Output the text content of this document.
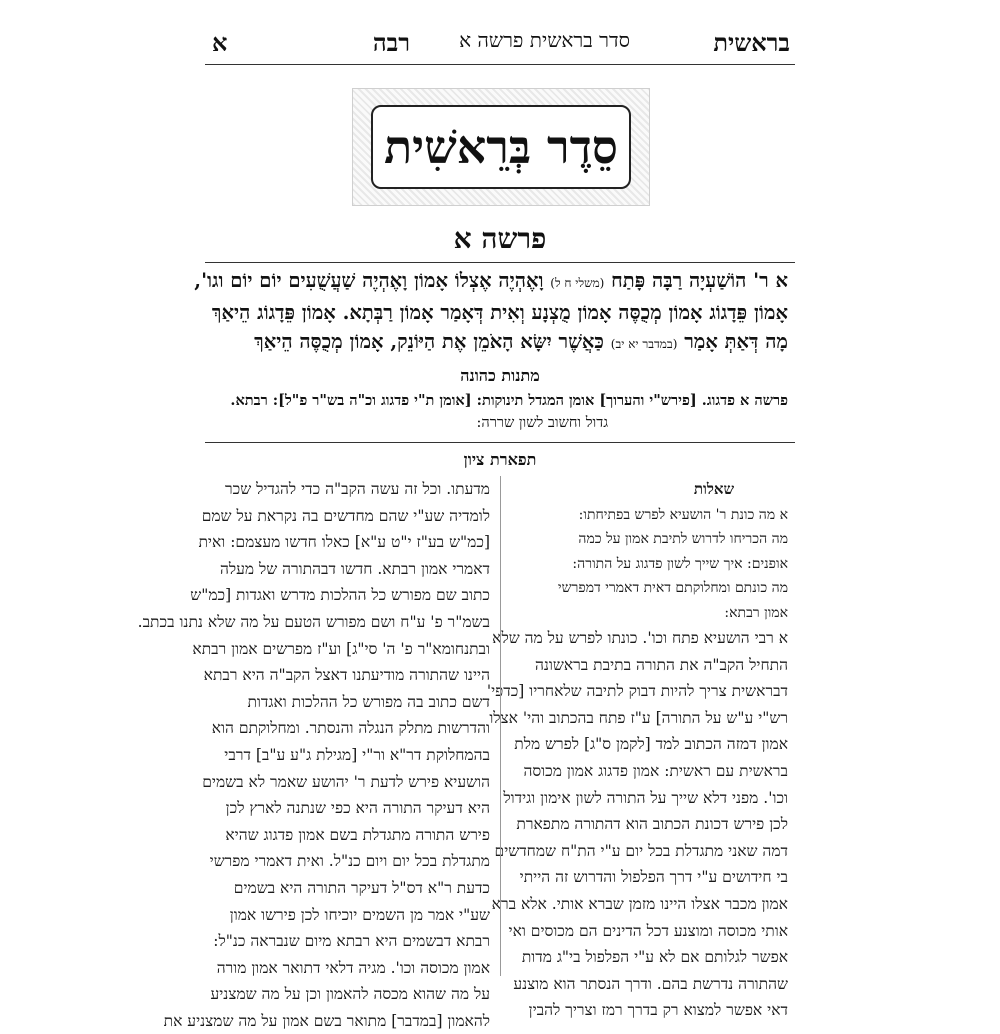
בראשית
סדר בראשית פרשה א
רבה
א
סֵדֶר בְּרֵאשִׁית
פרשה א
א ר' הוֹשַׁעְיָה רַבָּה פָּתַח (משלי ח ל) וָאֶהְיֶה אֶצְלוֹ אָמוֹן וָאֶהְיֶה שַׁעֲשֻׁעִים יוֹם יוֹם וגו',
אָמוֹן פֵּדָגוֹג אָמוֹן מְכֻסֶּה אָמוֹן מֻצְנָע וְאִית דְּאָמַר אָמוֹן רַבְּתָא. אָמוֹן פֵּדָגוֹג הֵיאַךְ
מָה דְּאַתְּ אָמַר (במדבר יא יב) כַּאֲשֶׁר יִשָּׂא הָאֹמֵן אֶת הַיּוֹנֵק, אָמוֹן מְכֻסֶּה הֵיאַךְ
מתנות כהונה
פרשה א פדגוג. [פירש"י והערוך] אומן המגדל תינוקות: [אומן ת"י פדגוג וכ"ה בש"ר פ"ל]: רבתא.
גדול וחשוב לשון שררה:
תפארת ציון
שאלות
א מה כונת ר' הושעיא לפרש בפתיחתו:
מה הכריחו לדרוש לתיבת אמון על כמה
אופנים: איך שייך לשון פדגוג על התורה:
מה כונתם ומחלוקתם דאית דאמרי דמפרשי
אמון רבתא:
א רבי הושעיא פתח וכו'. כונתו לפרש על מה שלא
התחיל הקב"ה את התורה בתיבת בראשונה
דבראשית צריך להיות דבוק לתיבה שלאחריו [כדפי'
רש"י ע"ש על התורה] ע"ז פתח בהכתוב והי' אצלו
אמון דמזה הכתוב למד [לקמן ס"ג] לפרש מלת
בראשית עם ראשית: אמון פדגוג אמון מכוסה
וכו'. מפני דלא שייך על התורה לשון אימון וגידול
לכן פירש דכונת הכתוב הוא דהתורה מתפארת
דמה שאני מתגדלת בכל יום ע"י הת"ח שמחדשים
בי חידושים ע"י דרך הפלפול והדרוש זה הייתי
אמון מכבר אצלו היינו מזמן שברא אותי. אלא ברא
אותי מכוסה ומוצנע דכל הדינים הם מכוסים ואי
אפשר לגלותם אם לא ע"י הפלפול בי"ג מדות
שהתורה נדרשת בהם. ודרך הנסתר הוא מוצנע
דאי אפשר למצוא רק בדרך רמז וצריך להבין
מדעתו. וכל זה עשה הקב"ה כדי להגדיל שכר
לומדיה שע"י שהם מחדשים בה נקראת על שמם
[כמ"ש בע"ז י"ט ע"א] כאלו חדשו מעצמם: ואית
דאמרי אמון רבתא. חדשו דבהתורה של מעלה
כתוב שם מפורש כל ההלכות מדרש ואגדות [כמ"ש
בשמ"ר פ' ע"ח ושם מפורש הטעם על מה שלא נתנו בכתב.
ובתנחומא"ר פ' ה' סי"ג] וע"ז מפרשים אמון רבתא
היינו שהתורה מודיעתנו דאצל הקב"ה היא רבתא
דשם כתוב בה מפורש כל ההלכות ואגדות
והדרשות מתלק הנגלה והנסתר. ומחלוקתם הוא
בהמחלוקת דר"א ור"י [מגילת ג"ע ע"ב] דרבי
הושעיא פירש לדעת ר' יהושע שאמר לא בשמים
היא דעיקר התורה היא כפי שנתנה לארץ לכן
פירש התורה מתגדלת בשם אמון פדגוג שהיא
מתגדלת בכל יום ויום כנ"ל. ואית דאמרי מפרשי
כדעת ר"א דס"ל דעיקר התורה היא בשמים
שע"י אמר מן השמים יוכיחו לכן פירשו אמון
רבתא דבשמים היא רבתא מיום שנבראה כנ"ל:
אמון מכוסה וכו'. מגיה דלאי דתואר אמון מורה
על מה שהוא מכסה להאמון וכן על מה שמצניע
להאמון [במדבר] מתואר בשם אמון על מה שמצניע את
